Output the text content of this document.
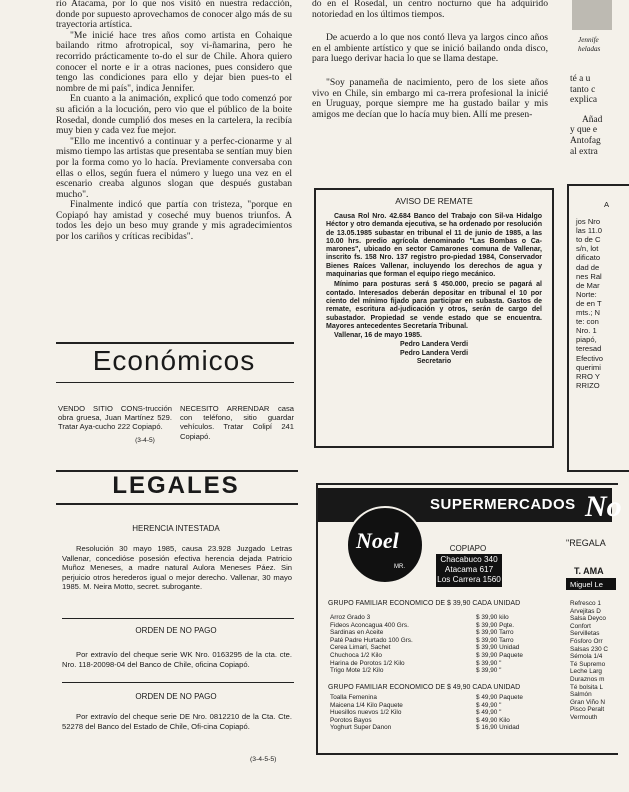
río Atacama, por lo que nos visitó en nuestra redacción, donde por supuesto aprovechamos de conocer algo más de su trayectoria artística.

"Me inicié hace tres años como artista en Cohaique bailando ritmo afrotropical, soy vi-ñamarina, pero he recorrido prácticamente to-do el sur de Chile. Ahora quiero conocer el norte e ir a otras naciones, pues considero que tengo las condiciones para ello y dejar bien pues-to el nombre de mi país", indica Jennifer.

En cuanto a la animación, explicó que todo comenzó por su afición a la locución, pero vio que el público de la boite Rosedal, donde cumplió dos meses en la cartelera, la recibía muy bien y cada vez fue mejor.

"Ello me incentivó a continuar y a perfec-cionarme y al mismo tiempo las artistas que presentaba se sentían muy bien por la forma como yo lo hacía. Previamente conversaba con ellas o ellos, según fuera el número y luego una vez en el escenario creaba algunos slogan que después gustaban mucho".

Finalmente indicó que partía con tristeza, "porque en Copiapó hay amistad y coseché muy buenos triunfos. A todos les dejo un beso muy grande y mis agradecimientos por los cariños y críticas recibidas".

do en el Rosedal, un centro nocturno que ha adquirido notoriedad en los últimos tiempos.

De acuerdo a lo que nos contó lleva ya largos cinco años en el ambiente artístico y que se inició bailando onda disco, para luego derivar hacia lo que se llama destape.

"Soy panameña de nacimiento, pero de los siete años vivo en Chile, sin embargo mi ca-rrera profesional la inicié en Uruguay, porque siempre me ha gustado bailar y mis amigos me decían que lo hacía muy bien. Allí me presen-

Jennife
heladas
té a u
tanto c
explica
Añad
y que e
Antofag
al extra
AVISO DE REMATE

Causa Rol Nro. 42.684 Banco del Trabajo con Sil-va Hidalgo Héctor y otro demanda ejecutiva, se ha ordenado por resolución de 13.05.1985 subastar en tribunal el 11 de junio de 1985, a las 10.00 hrs. predio agrícola denominado "Las Bombas o Ca-marones", ubicado en sector Camarones comuna de Vallenar, inscrito fs. 158 Nro. 137 registro pro-piedad 1984, Conservador Bienes Raíces Vallenar, incluyendo los derechos de agua y maquinarias que forman el equipo riego mecánico.

Mínimo para posturas será $ 450.000, precio se pagará al contado. Interesados deberán depositar en tribunal el 10 por ciento del mínimo fijado para participar en subasta. Gastos de remate, escritura ad-judicación y otros, serán de cargo del subastador. Propiedad se vende estado que se encuentra. Mayores antecedentes Secretaría Tribunal.

Vallenar, 16 de mayo 1985.

Pedro Landera Verdi
Pedro Landera Verdi
Secretario
A
jos Nro
las 11.0
to de C
s/n, lot
dificato
dad de
nes Ral
de Mar
Norte:
de en T
mts.; N
te: con
Nro. 1
piapó,
teresad
Efectivo
querimi
RRO Y
RRIZO
Económicos
VENDO SITIO CONS-trucción obra gruesa, Juan Martínez 529. Tratar Aya-cucho 222 Copiapó.
(3-4-5)
NECESITO ARRENDAR casa con teléfono, sitio guardar vehículos. Tratar Colipí 241 Copiapó.
LEGALES
HERENCIA INTESTADA
Resolución 30 mayo 1985, causa 23.928 Juzgado Letras Vallenar, concedióse posesión efectiva herencia dejada Patricio Muñoz Meneses, a madre natural Aulora Meneses Páez. Sin perjuicio otros herederos igual o mejor derecho. Vallenar, 30 mayo 1985. M. Neira Motto, secret. subrogante.
ORDEN DE NO PAGO
Por extravío del cheque serie WK Nro. 0163295 de la cta. cte. Nro. 118-20098-04 del Banco de Chile, oficina Copiapó.
ORDEN DE NO PAGO
Por extravío del cheque serie DE Nro. 0812210 de la Cta. Cte. 52278 del Banco del Estado de Chile, Ofi-cina Copiapó.
(3-4-5-5)
SUPERMERCADOS No
Noel
MR.
COPIAPO
Chacabuco 340
Atacama 617
Los Carrera 1560
"REGALA
T. AMA
Miguel Le
GRUPO FAMILIAR ECONOMICO DE $ 39,90 CADA UNIDAD
Arroz Grado 3	$ 39,90 kilo
Fideos Aconcagua 400 Grs.	$ 39,90 Pqte.
Sardinas en Aceite	$ 39,90 Tarro
Paté Padre Hurtado 100 Grs.	$ 39,90 Tarro
Cerea Limarí, Sachet	$ 39,90 Unidad
Chuchoca 1/2 Kilo	$ 39,90 Paquete
Harina de Porotos 1/2 Kilo	$ 39,90 "
Trigo Mote 1/2 Kilo	$ 39,90 "
GRUPO FAMILIAR ECONOMICO DE $ 49,90 CADA UNIDAD
Toalla Femenina	$ 49,90 Paquete
Maicena 1/4 Kilo Paquete	$ 49,90 "
Huesillos nuevos 1/2 Kilo	$ 49,90 "
Porotos Bayos	$ 49,90 Kilo
Yoghurt Super Danon	$ 16,90 Unidad
Refresco 1
Arvejitas D
Salsa Deyco
Confort
Servilletas
Fósforo Orr
Salsas 230 C
Sémola 1/4
Té Supremo
Leche Larg
Duraznos m
Té bolsita L
Salmón
Gran Viño N
Pisco Peralt
Vermouth
